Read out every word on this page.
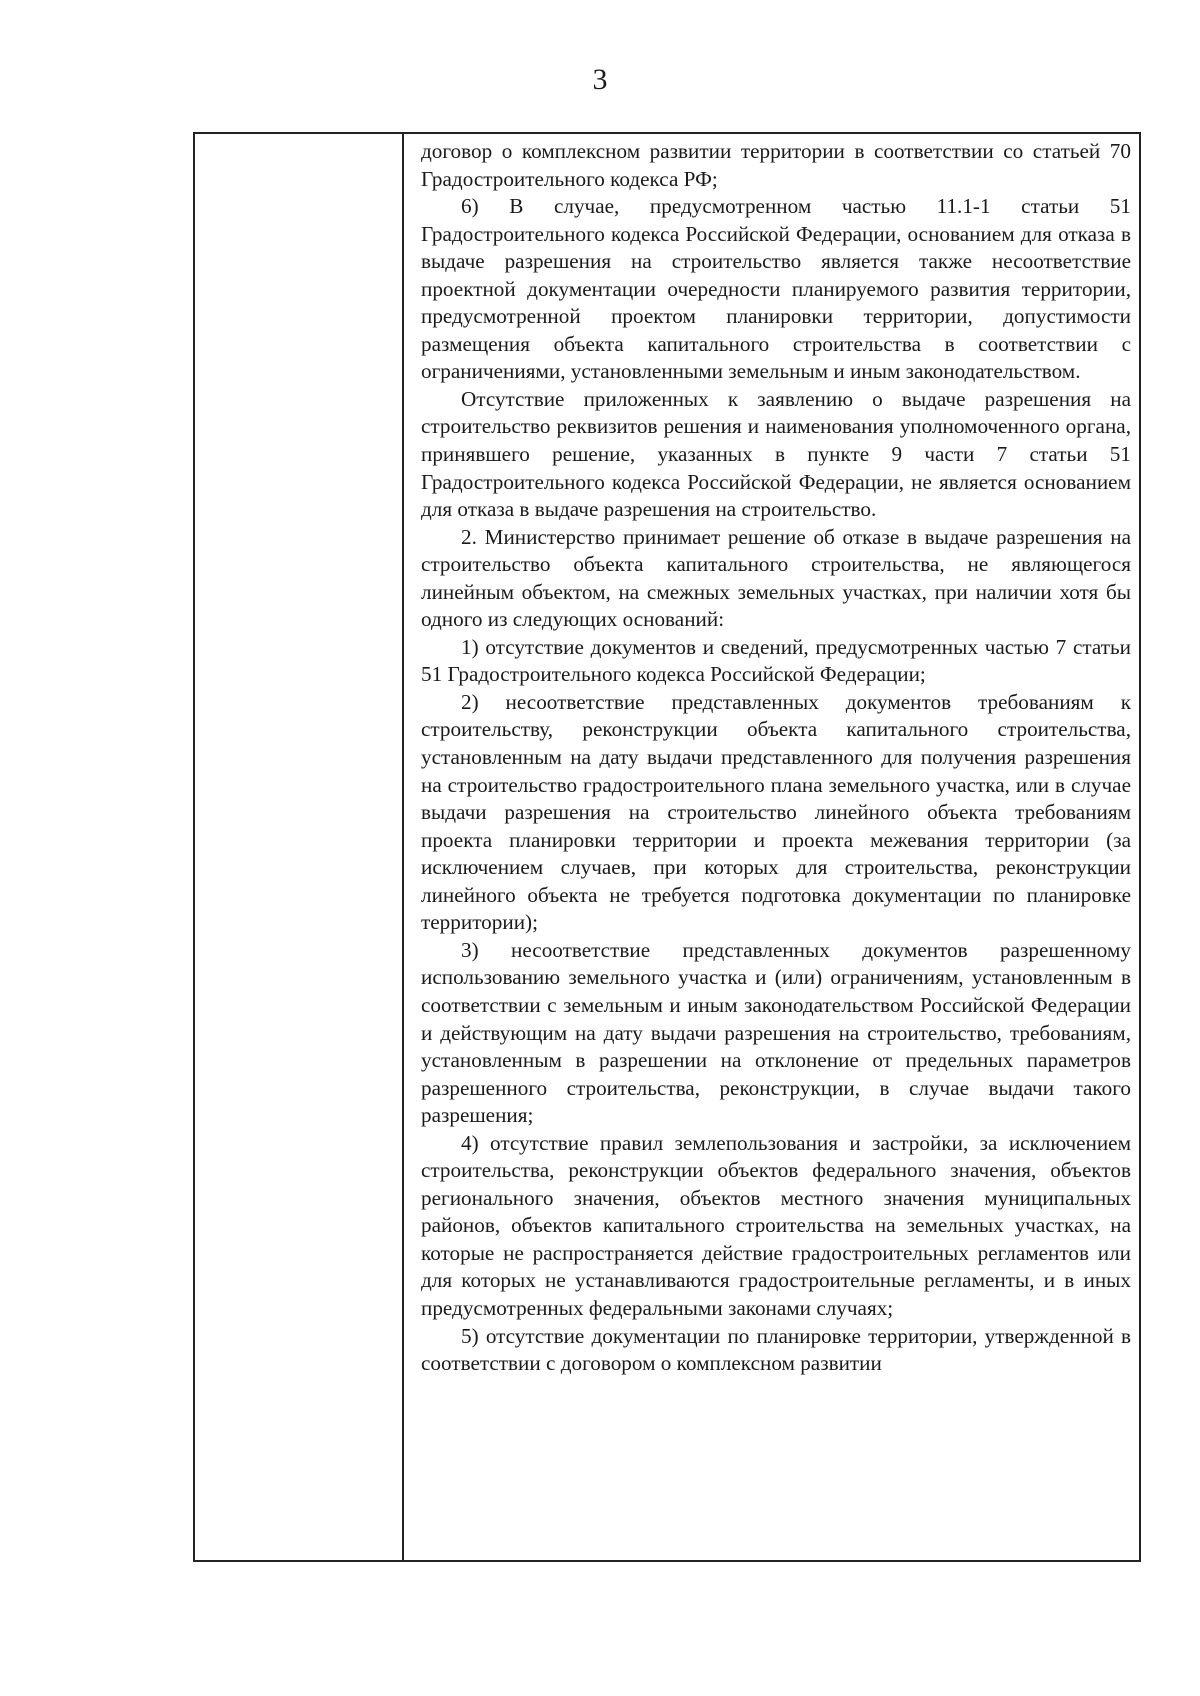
3

договор о комплексном развитии территории в соответствии со статьей 70 Градостроительного кодекса РФ;

6) В случае, предусмотренном частью 11.1-1 статьи 51 Градостроительного кодекса Российской Федерации, основанием для отказа в выдаче разрешения на строительство является также несоответствие проектной документации очередности планируемого развития территории, предусмотренной проектом планировки территории, допустимости размещения объекта капитального строительства в соответствии с ограничениями, установленными земельным и иным законодательством.

Отсутствие приложенных к заявлению о выдаче разрешения на строительство реквизитов решения и наименования уполномоченного органа, принявшего решение, указанных в пункте 9 части 7 статьи 51 Градостроительного кодекса Российской Федерации, не является основанием для отказа в выдаче разрешения на строительство.

2. Министерство принимает решение об отказе в выдаче разрешения на строительство объекта капитального строительства, не являющегося линейным объектом, на смежных земельных участках, при наличии хотя бы одного из следующих оснований:

1) отсутствие документов и сведений, предусмотренных частью 7 статьи 51 Градостроительного кодекса Российской Федерации;

2) несоответствие представленных документов требованиям к строительству, реконструкции объекта капитального строительства, установленным на дату выдачи представленного для получения разрешения на строительство градостроительного плана земельного участка, или в случае выдачи разрешения на строительство линейного объекта требованиям проекта планировки территории и проекта межевания территории (за исключением случаев, при которых для строительства, реконструкции линейного объекта не требуется подготовка документации по планировке территории);

3) несоответствие представленных документов разрешенному использованию земельного участка и (или) ограничениям, установленным в соответствии с земельным и иным законодательством Российской Федерации и действующим на дату выдачи разрешения на строительство, требованиям, установленным в разрешении на отклонение от предельных параметров разрешенного строительства, реконструкции, в случае выдачи такого разрешения;

4) отсутствие правил землепользования и застройки, за исключением строительства, реконструкции объектов федерального значения, объектов регионального значения, объектов местного значения муниципальных районов, объектов капитального строительства на земельных участках, на которые не распространяется действие градостроительных регламентов или для которых не устанавливаются градостроительные регламенты, и в иных предусмотренных федеральными законами случаях;

5) отсутствие документации по планировке территории, утвержденной в соответствии с договором о комплексном развитии
